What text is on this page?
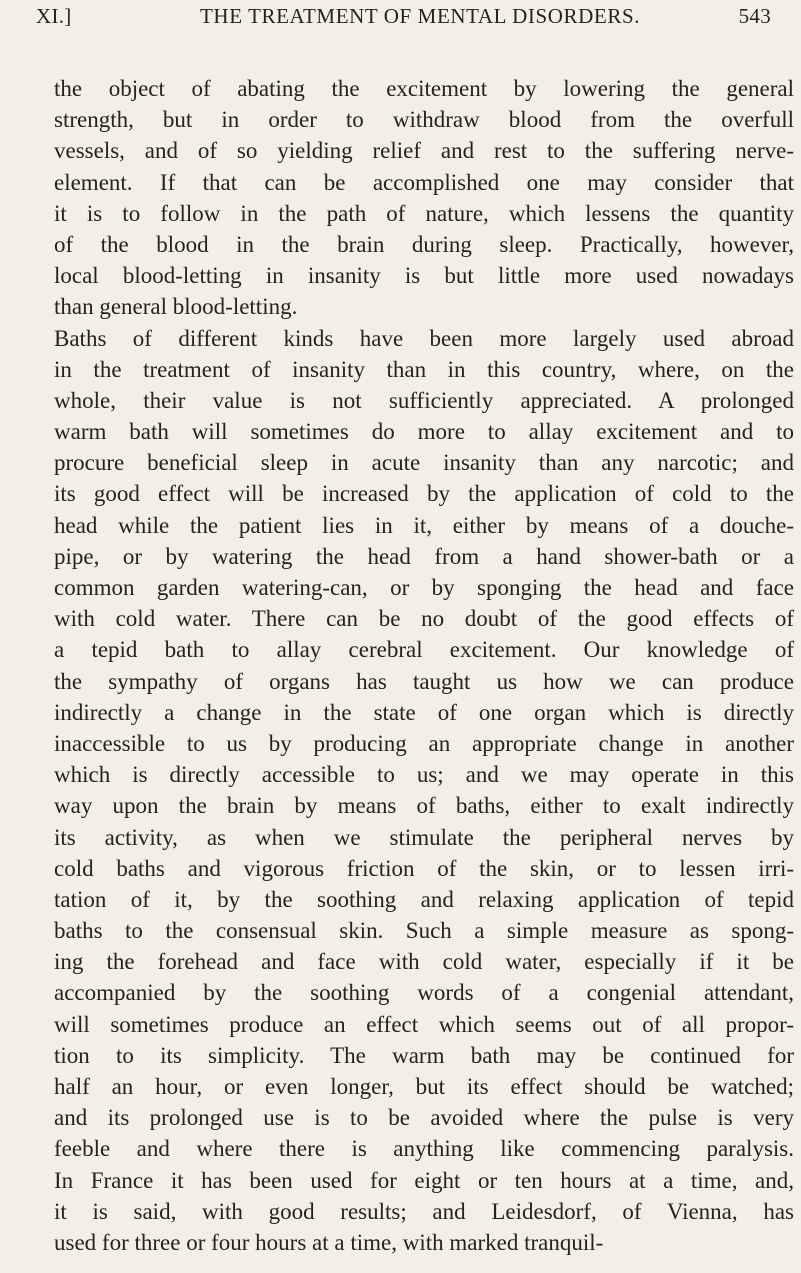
XI.]	THE TREATMENT OF MENTAL DISORDERS.	543
the object of abating the excitement by lowering the general
strength, but in order to withdraw blood from the overfull
vessels, and of so yielding relief and rest to the suffering nerve-
element. If that can be accomplished one may consider that
it is to follow in the path of nature, which lessens the quantity
of the blood in the brain during sleep. Practically, however,
local blood-letting in insanity is but little more used nowadays
than general blood-letting.
Baths of different kinds have been more largely used abroad
in the treatment of insanity than in this country, where, on the
whole, their value is not sufficiently appreciated. A prolonged
warm bath will sometimes do more to allay excitement and to
procure beneficial sleep in acute insanity than any narcotic; and
its good effect will be increased by the application of cold to the
head while the patient lies in it, either by means of a douche-
pipe, or by watering the head from a hand shower-bath or a
common garden watering-can, or by sponging the head and face
with cold water. There can be no doubt of the good effects of
a tepid bath to allay cerebral excitement. Our knowledge of
the sympathy of organs has taught us how we can produce
indirectly a change in the state of one organ which is directly
inaccessible to us by producing an appropriate change in another
which is directly accessible to us; and we may operate in this
way upon the brain by means of baths, either to exalt indirectly
its activity, as when we stimulate the peripheral nerves by
cold baths and vigorous friction of the skin, or to lessen irri-
tation of it, by the soothing and relaxing application of tepid
baths to the consensual skin. Such a simple measure as spong-
ing the forehead and face with cold water, especially if it be
accompanied by the soothing words of a congenial attendant,
will sometimes produce an effect which seems out of all propor-
tion to its simplicity. The warm bath may be continued for
half an hour, or even longer, but its effect should be watched;
and its prolonged use is to be avoided where the pulse is very
feeble and where there is anything like commencing paralysis.
In France it has been used for eight or ten hours at a time, and,
it is said, with good results; and Leidesdorf, of Vienna, has
used for three or four hours at a time, with marked tranquil-
